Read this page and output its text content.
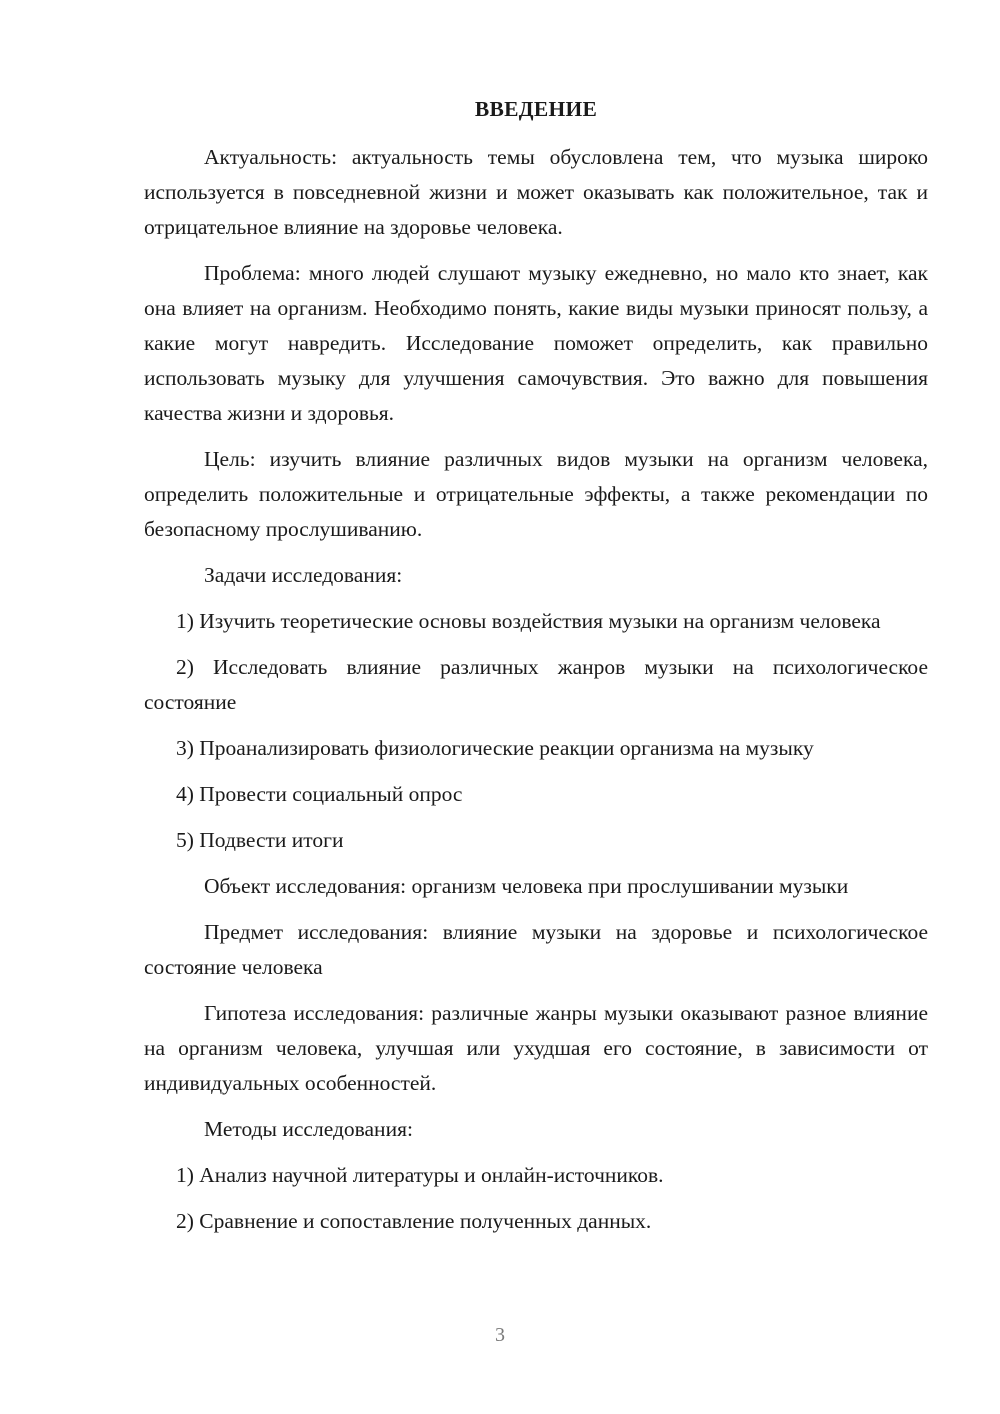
ВВЕДЕНИЕ

Актуальность: актуальность темы обусловлена тем, что музыка широко используется в повседневной жизни и может оказывать как положительное, так и отрицательное влияние на здоровье человека.

Проблема: много людей слушают музыку ежедневно, но мало кто знает, как она влияет на организм. Необходимо понять, какие виды музыки приносят пользу, а какие могут навредить. Исследование поможет определить, как правильно использовать музыку для улучшения самочувствия. Это важно для повышения качества жизни и здоровья.

Цель: изучить влияние различных видов музыки на организм человека, определить положительные и отрицательные эффекты, а также рекомендации по безопасному прослушиванию.

Задачи исследования:

1) Изучить теоретические основы воздействия музыки на организм человека

2) Исследовать влияние различных жанров музыки на психологическое состояние

3) Проанализировать физиологические реакции организма на музыку

4) Провести социальный опрос

5) Подвести итоги

Объект исследования: организм человека при прослушивании музыки

Предмет исследования: влияние музыки на здоровье и психологическое состояние человека

Гипотеза исследования: различные жанры музыки оказывают разное влияние на организм человека, улучшая или ухудшая его состояние, в зависимости от индивидуальных особенностей.

Методы исследования:

1) Анализ научной литературы и онлайн-источников.

2) Сравнение и сопоставление полученных данных.

3
